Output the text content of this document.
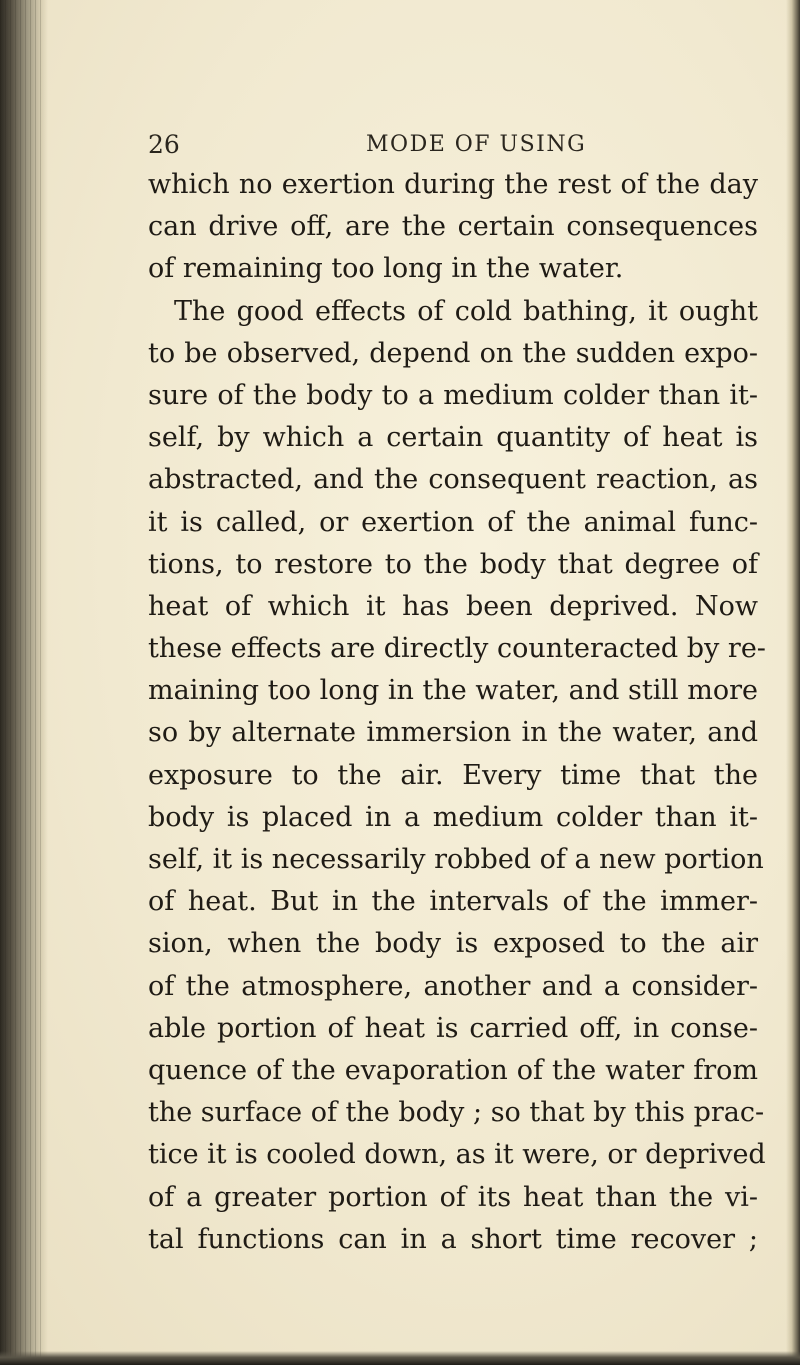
26	MODE OF USING
which no exertion during the rest of the day
can drive off, are the certain consequences
of remaining too long in the water.
The good effects of cold bathing, it ought
to be observed, depend on the sudden expo-
sure of the body to a medium colder than it-
self, by which a certain quantity of heat is
abstracted, and the consequent reaction, as
it is called, or exertion of the animal func-
tions, to restore to the body that degree of
heat of which it has been deprived. Now
these effects are directly counteracted by re-
maining too long in the water, and still more
so by alternate immersion in the water, and
exposure to the air. Every time that the
body is placed in a medium colder than it-
self, it is necessarily robbed of a new portion
of heat. But in the intervals of the immer-
sion, when the body is exposed to the air
of the atmosphere, another and a consider-
able portion of heat is carried off, in conse-
quence of the evaporation of the water from
the surface of the body ; so that by this prac-
tice it is cooled down, as it were, or deprived
of a greater portion of its heat than the vi-
tal functions can in a short time recover ;
